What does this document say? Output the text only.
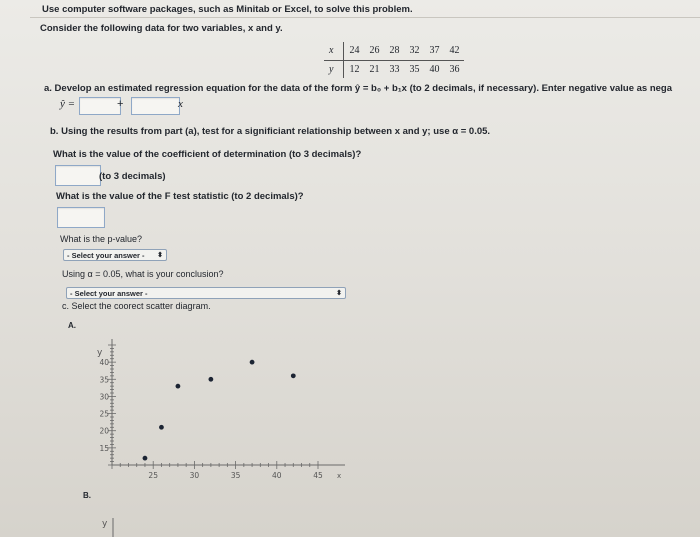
Use computer software packages, such as Minitab or Excel, to solve this problem.
Consider the following data for two variables, x and y.
x	24	26	28	32	37	42
y	12	21	33	35	40	36
a. Develop an estimated regression equation for the data of the form ŷ = b₀ + b₁x (to 2 decimals, if necessary). Enter negative value as nega
ŷ =	+	x
b. Using the results from part (a), test for a significiant relationship between x and y; use α = 0.05.
What is the value of the coefficient of determination (to 3 decimals)?
(to 3 decimals)
What is the value of the F test statistic (to 2 decimals)?
What is the p-value?
- Select your answer - ⬍
Using α = 0.05, what is your conclusion?
- Select your answer -	⬍
c. Select the coorect scatter diagram.
A.
B.
y
x
15
20
25
30
35
40
25	30	35	40	45
y
